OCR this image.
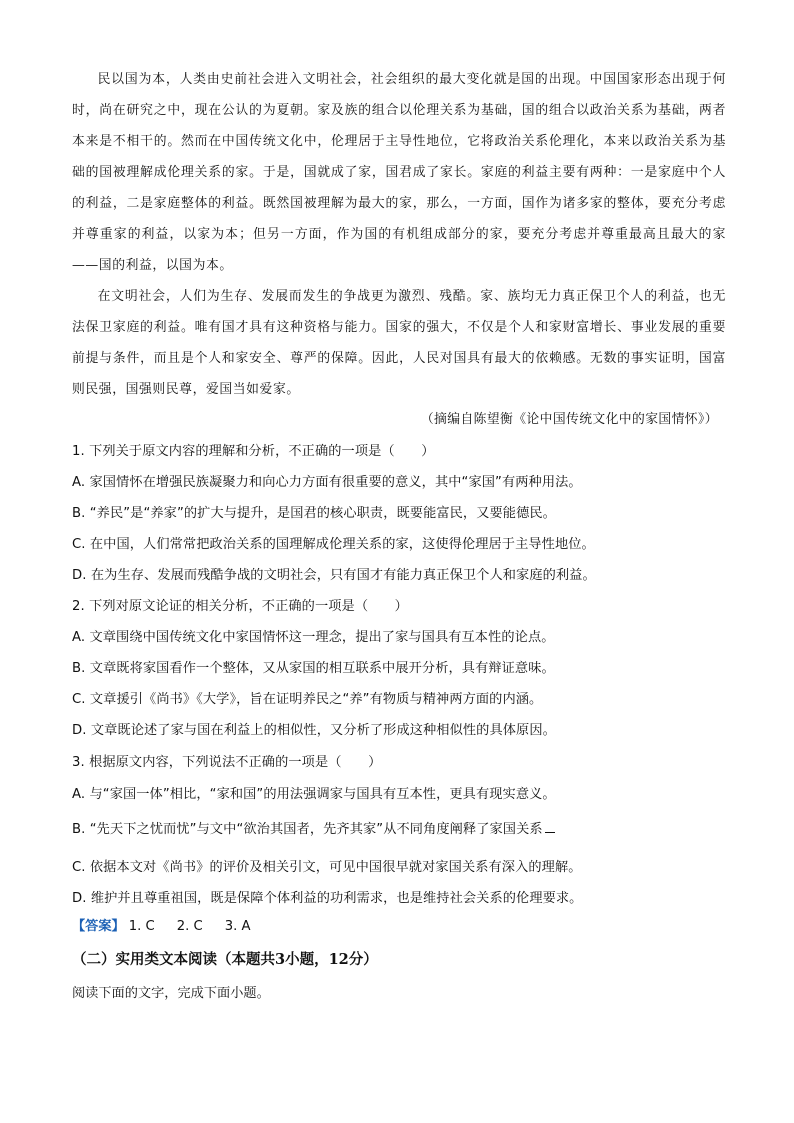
民以国为本，人类由史前社会进入文明社会，社会组织的最大变化就是国的出现。中国国家形态出现于何时，尚在研究之中，现在公认的为夏朝。家及族的组合以伦理关系为基础，国的组合以政治关系为基础，两者本来是不相干的。然而在中国传统文化中，伦理居于主导性地位，它将政治关系伦理化，本来以政治关系为基础的国被理解成伦理关系的家。于是，国就成了家，国君成了家长。家庭的利益主要有两种：一是家庭中个人的利益，二是家庭整体的利益。既然国被理解为最大的家，那么，一方面，国作为诸多家的整体，要充分考虑并尊重家的利益，以家为本；但另一方面，作为国的有机组成部分的家，要充分考虑并尊重最高且最大的家——国的利益，以国为本。

在文明社会，人们为生存、发展而发生的争战更为激烈、残酷。家、族均无力真正保卫个人的利益，也无法保卫家庭的利益。唯有国才具有这种资格与能力。国家的强大，不仅是个人和家财富增长、事业发展的重要前提与条件，而且是个人和家安全、尊严的保障。因此，人民对国具有最大的依赖感。无数的事实证明，国富则民强，国强则民尊，爱国当如爱家。

（摘编自陈望衡《论中国传统文化中的家国情怀》）
1. 下列关于原文内容的理解和分析，不正确的一项是（　　）
A. 家国情怀在增强民族凝聚力和向心力方面有很重要的意义，其中“家国”有两种用法。
B. “养民”是“养家”的扩大与提升，是国君的核心职责，既要能富民，又要能德民。
C. 在中国，人们常常把政治关系的国理解成伦理关系的家，这使得伦理居于主导性地位。
D. 在为生存、发展而残酷争战的文明社会，只有国才有能力真正保卫个人和家庭的利益。
2. 下列对原文论证的相关分析，不正确的一项是（　　）
A. 文章围绕中国传统文化中家国情怀这一理念，提出了家与国具有互本性的论点。
B. 文章既将家国看作一个整体，又从家国的相互联系中展开分析，具有辩证意味。
C. 文章援引《尚书》《大学》，旨在证明养民之“养”有物质与精神两方面的内涵。
D. 文章既论述了家与国在利益上的相似性，又分析了形成这种相似性的具体原因。
3. 根据原文内容，下列说法不正确的一项是（　　）
A. 与“家国一体”相比，“家和国”的用法强调家与国具有互本性，更具有现实意义。
B. “先天下之忧而忧”与文中“欲治其国者，先齐其家”从不同角度阐释了家国关系
C. 依据本文对《尚书》的评价及相关引文，可见中国很早就对家国关系有深入的理解。
D. 维护并且尊重祖国，既是保障个体利益的功利需求，也是维持社会关系的伦理要求。
【答案】 1. C 2. C 3. A
（二）实用类文本阅读（本题共3小题，12分）
阅读下面的文字，完成下面小题。
